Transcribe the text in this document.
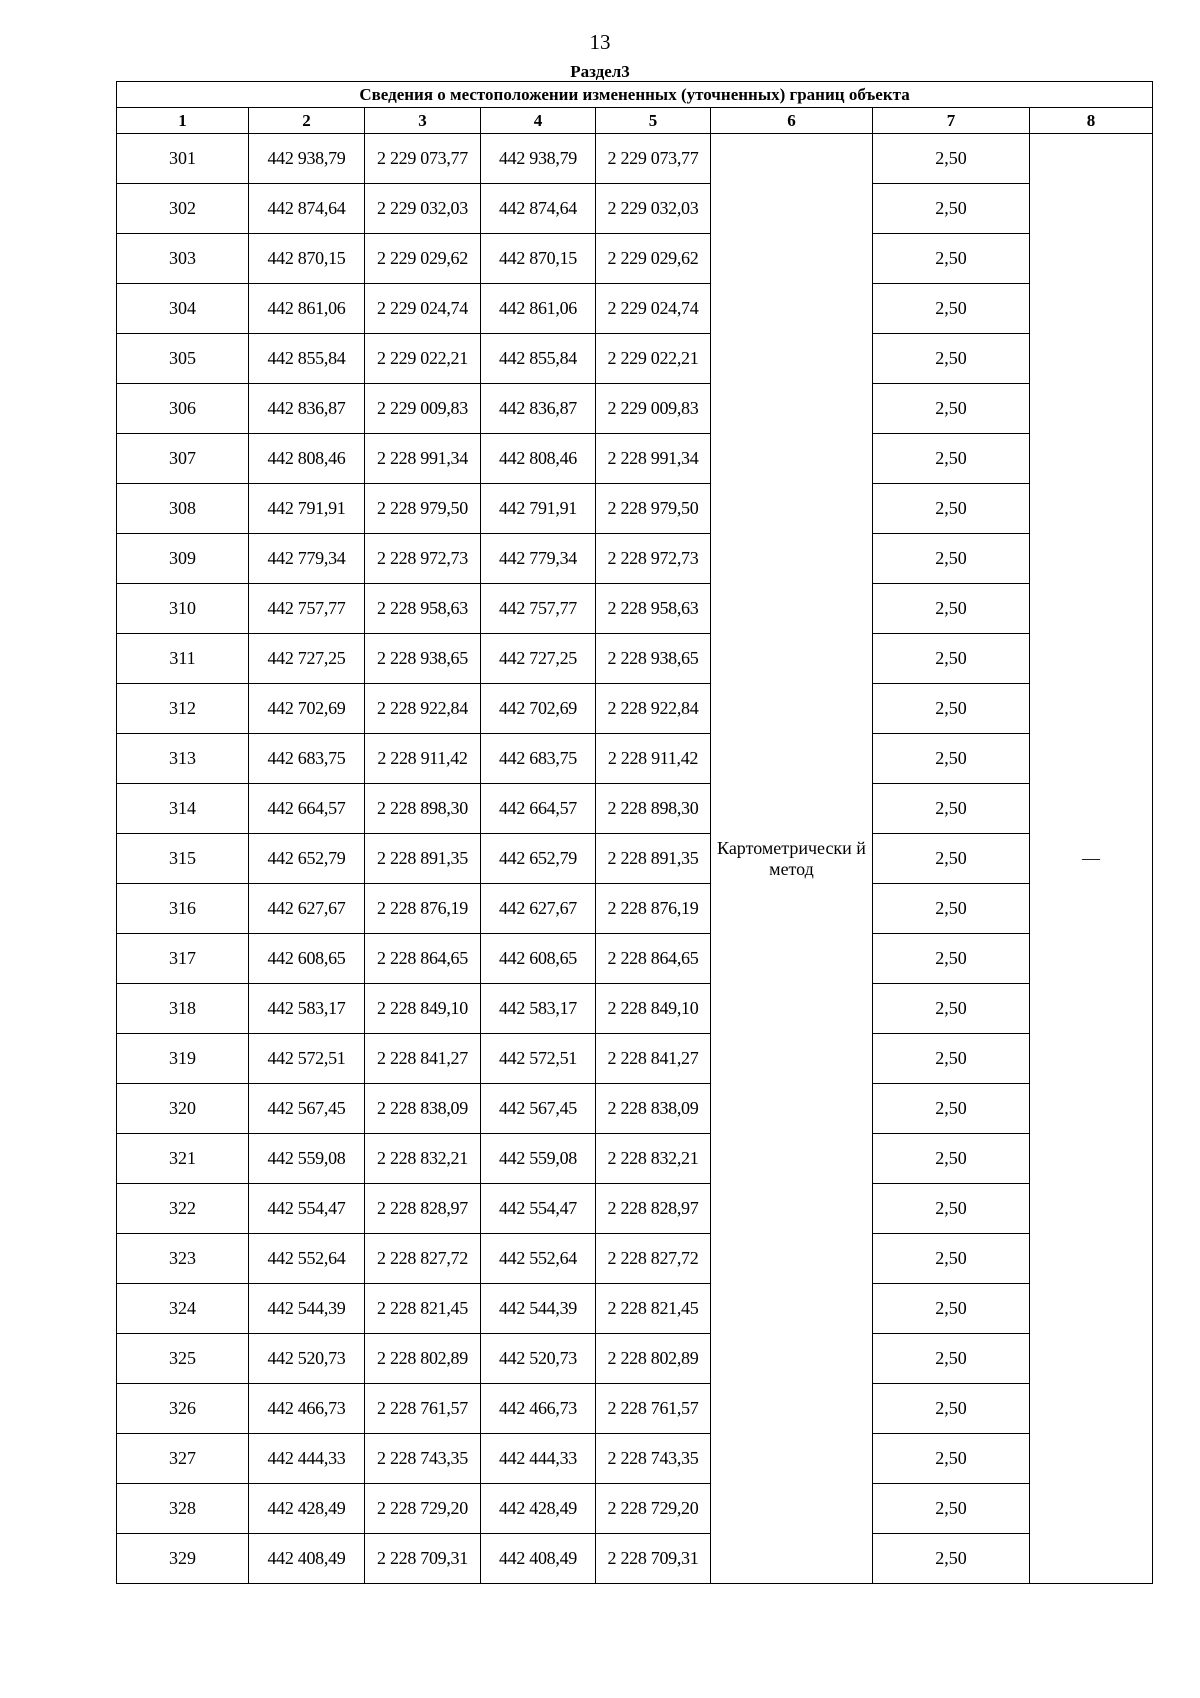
13
Раздел3
Сведения о местоположении измененных (уточненных) границ объекта							
1	2	3	4	5	6	7	8
301	442 938,79	2 229 073,77	442 938,79	2 229 073,77	Картометрически й метод	2,50	—
302	442 874,64	2 229 032,03	442 874,64	2 229 032,03		2,50	
303	442 870,15	2 229 029,62	442 870,15	2 229 029,62		2,50	
304	442 861,06	2 229 024,74	442 861,06	2 229 024,74		2,50	
305	442 855,84	2 229 022,21	442 855,84	2 229 022,21		2,50	
306	442 836,87	2 229 009,83	442 836,87	2 229 009,83		2,50	
307	442 808,46	2 228 991,34	442 808,46	2 228 991,34		2,50	
308	442 791,91	2 228 979,50	442 791,91	2 228 979,50		2,50	
309	442 779,34	2 228 972,73	442 779,34	2 228 972,73		2,50	
310	442 757,77	2 228 958,63	442 757,77	2 228 958,63		2,50	
311	442 727,25	2 228 938,65	442 727,25	2 228 938,65		2,50	
312	442 702,69	2 228 922,84	442 702,69	2 228 922,84		2,50	
313	442 683,75	2 228 911,42	442 683,75	2 228 911,42		2,50	
314	442 664,57	2 228 898,30	442 664,57	2 228 898,30		2,50	
315	442 652,79	2 228 891,35	442 652,79	2 228 891,35		2,50	
316	442 627,67	2 228 876,19	442 627,67	2 228 876,19		2,50	
317	442 608,65	2 228 864,65	442 608,65	2 228 864,65		2,50	
318	442 583,17	2 228 849,10	442 583,17	2 228 849,10		2,50	
319	442 572,51	2 228 841,27	442 572,51	2 228 841,27		2,50	
320	442 567,45	2 228 838,09	442 567,45	2 228 838,09		2,50	
321	442 559,08	2 228 832,21	442 559,08	2 228 832,21		2,50	
322	442 554,47	2 228 828,97	442 554,47	2 228 828,97		2,50	
323	442 552,64	2 228 827,72	442 552,64	2 228 827,72		2,50	
324	442 544,39	2 228 821,45	442 544,39	2 228 821,45		2,50	
325	442 520,73	2 228 802,89	442 520,73	2 228 802,89		2,50	
326	442 466,73	2 228 761,57	442 466,73	2 228 761,57		2,50	
327	442 444,33	2 228 743,35	442 444,33	2 228 743,35		2,50	
328	442 428,49	2 228 729,20	442 428,49	2 228 729,20		2,50	
329	442 408,49	2 228 709,31	442 408,49	2 228 709,31		2,50	
